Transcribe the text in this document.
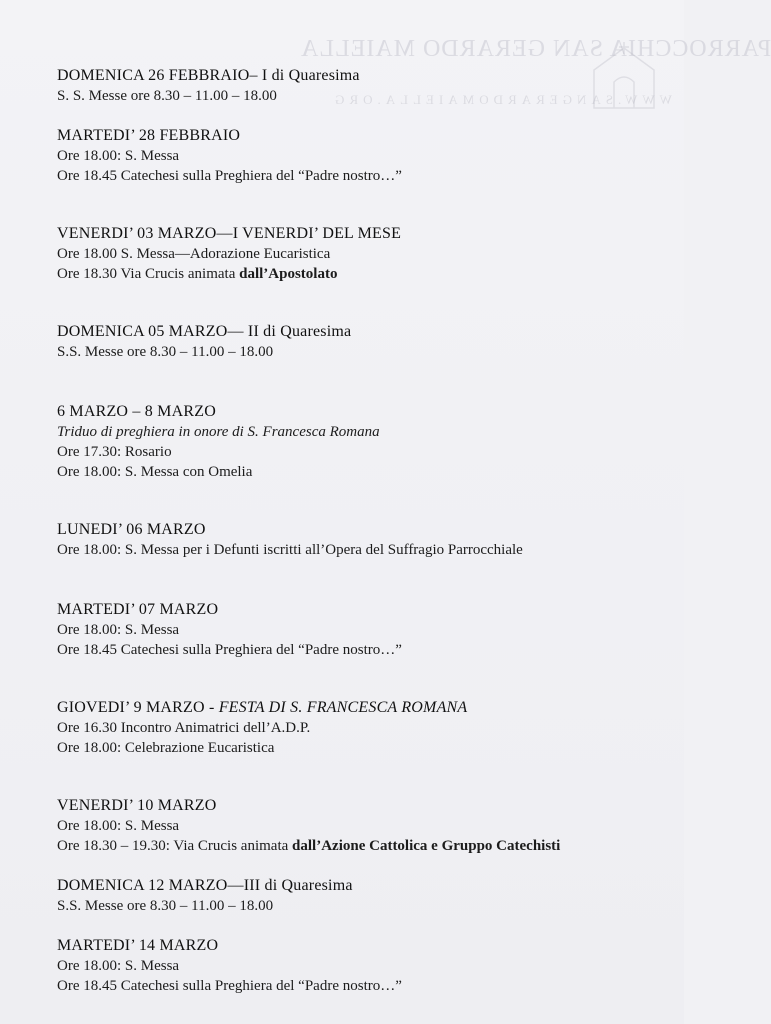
PARROCCHIA SAN GERARDO MAIELLA
WWW.SANGERARDOMAIELLA.ORG
DOMENICA 26 FEBBRAIO– I di Quaresima
S. S. Messe ore 8.30 – 11.00 – 18.00
MARTEDI’ 28 FEBBRAIO
Ore 18.00: S. Messa
Ore 18.45 Catechesi sulla Preghiera del “Padre nostro…”
VENERDI’ 03 MARZO—I VENERDI’ DEL MESE
Ore 18.00 S. Messa—Adorazione Eucaristica
Ore 18.30 Via Crucis animata dall’Apostolato
DOMENICA 05 MARZO— II di Quaresima
S.S. Messe ore 8.30 – 11.00 – 18.00
6 MARZO – 8 MARZO
Triduo di preghiera in onore di S. Francesca Romana
Ore 17.30: Rosario
Ore 18.00: S. Messa con Omelia
LUNEDI’ 06 MARZO
Ore 18.00: S. Messa per i Defunti iscritti all’Opera del Suffragio Parrocchiale
MARTEDI’ 07 MARZO
Ore 18.00: S. Messa
Ore 18.45 Catechesi sulla Preghiera del “Padre nostro…”
GIOVEDI’ 9 MARZO - FESTA DI S. FRANCESCA ROMANA
Ore 16.30 Incontro Animatrici dell’A.D.P.
Ore 18.00: Celebrazione Eucaristica
VENERDI’ 10 MARZO
Ore 18.00: S. Messa
Ore 18.30 – 19.30: Via Crucis animata dall’Azione Cattolica e Gruppo Catechisti
DOMENICA 12 MARZO—III di Quaresima
S.S. Messe ore 8.30 – 11.00 – 18.00
MARTEDI’ 14 MARZO
Ore 18.00: S. Messa
Ore 18.45 Catechesi sulla Preghiera del “Padre nostro…”
